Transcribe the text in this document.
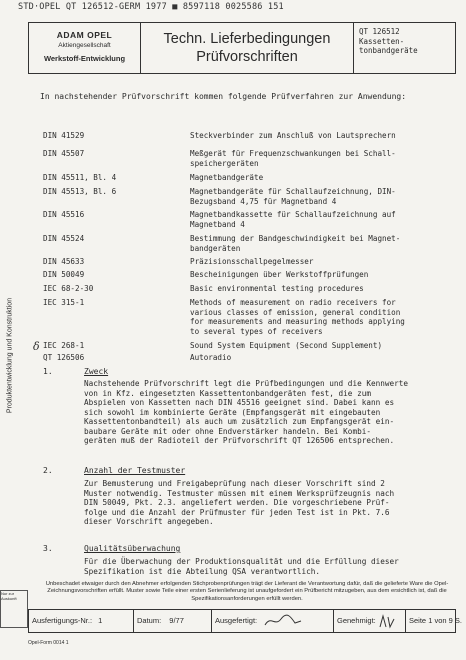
STD·OPEL QT 126512-GERM 1977 ■ 8597118 0025586 151
ADAM OPEL
Aktiengesellschaft
Werkstoff-Entwicklung
Techn. Lieferbedingungen
Prüfvorschriften
QT 126512
Kassetten-
tonbandgeräte
In nachstehender Prüfvorschrift kommen folgende Prüfverfahren zur Anwendung:
DIN 41529	Steckverbinder zum Anschluß von Lautsprechern
DIN 45507	Meßgerät für Frequenzschwankungen bei Schall-
speichergeräten
DIN 45511, Bl. 4	Magnetbandgeräte
DIN 45513, Bl. 6	Magnetbandgeräte für Schallaufzeichnung, DIN-
Bezugsband 4,75 für Magnetband 4
DIN 45516	Magnetbandkassette für Schallaufzeichnung auf
Magnetband 4
DIN 45524	Bestimmung der Bandgeschwindigkeit bei Magnet-
bandgeräten
DIN 45633	Präzisionsschallpegelmesser
DIN 50049	Bescheinigungen über Werkstoffprüfungen
IEC 68-2-30	Basic environmental testing procedures
IEC 315-1	Methods of measurement on radio receivers for
various classes of emission, general condition
for measurements and measuring methods applying
to several types of receivers
IEC 268-1	Sound System Equipment (Second Supplement)
QT 126506	Autoradio
Produktentwicklung und Konstruktion δ
1.	Zweck
Nachstehende Prüfvorschrift legt die Prüfbedingungen und die Kennwerte
von in Kfz. eingesetzten Kassettentonbandgeräten fest, die zum
Abspielen von Kassetten nach DIN 45516 geeignet sind. Dabei kann es
sich sowohl im kombinierte Geräte (Empfangsgerät mit eingebauten
Kassettentonbandteil) als auch um zusätzlich zum Empfangsgerät ein-
baubare Geräte mit oder ohne Endverstärker handeln. Bei Kombi-
geräten muß der Radioteil der Prüfvorschrift QT 126506 entsprechen.
2.	Anzahl der Testmuster
Zur Bemusterung und Freigabeprüfung nach dieser Vorschrift sind 2
Muster notwendig. Testmuster müssen mit einem Werksprüfzeugnis nach
DIN 50049, Pkt. 2.3. angeliefert werden. Die vorgeschriebene Prüf-
folge und die Anzahl der Prüfmuster für jeden Test ist in Pkt. 7.6
dieser Vorschrift angegeben.
3.	Qualitätsüberwachung
Für die Überwachung der Produktionsqualität und die Erfüllung dieser
Spezifikation ist die Abteilung QSA verantwortlich.
Unbeschadet etwaiger durch den Abnehmer erfolgenden Stichprobenprüfungen trägt der Lieferant die Verantwortung dafür, daß die gelieferte Ware die Opel-Zeichnungsvorschriften erfüllt. Muster sowie Teile einer ersten Serienlieferung ist unaufgefordert ein Prüfbericht mitzugeben, aus dem ersichtlich ist, daß die Spezifikationsanforderungen erfüllt werden.
Nur zur Auskunft
Ausfertigungs-Nr.: 1	Datum: 9/77	Ausgefertigt:	Genehmigt:	Seite 1 von 9 S.
Opel-Form 0014 1
